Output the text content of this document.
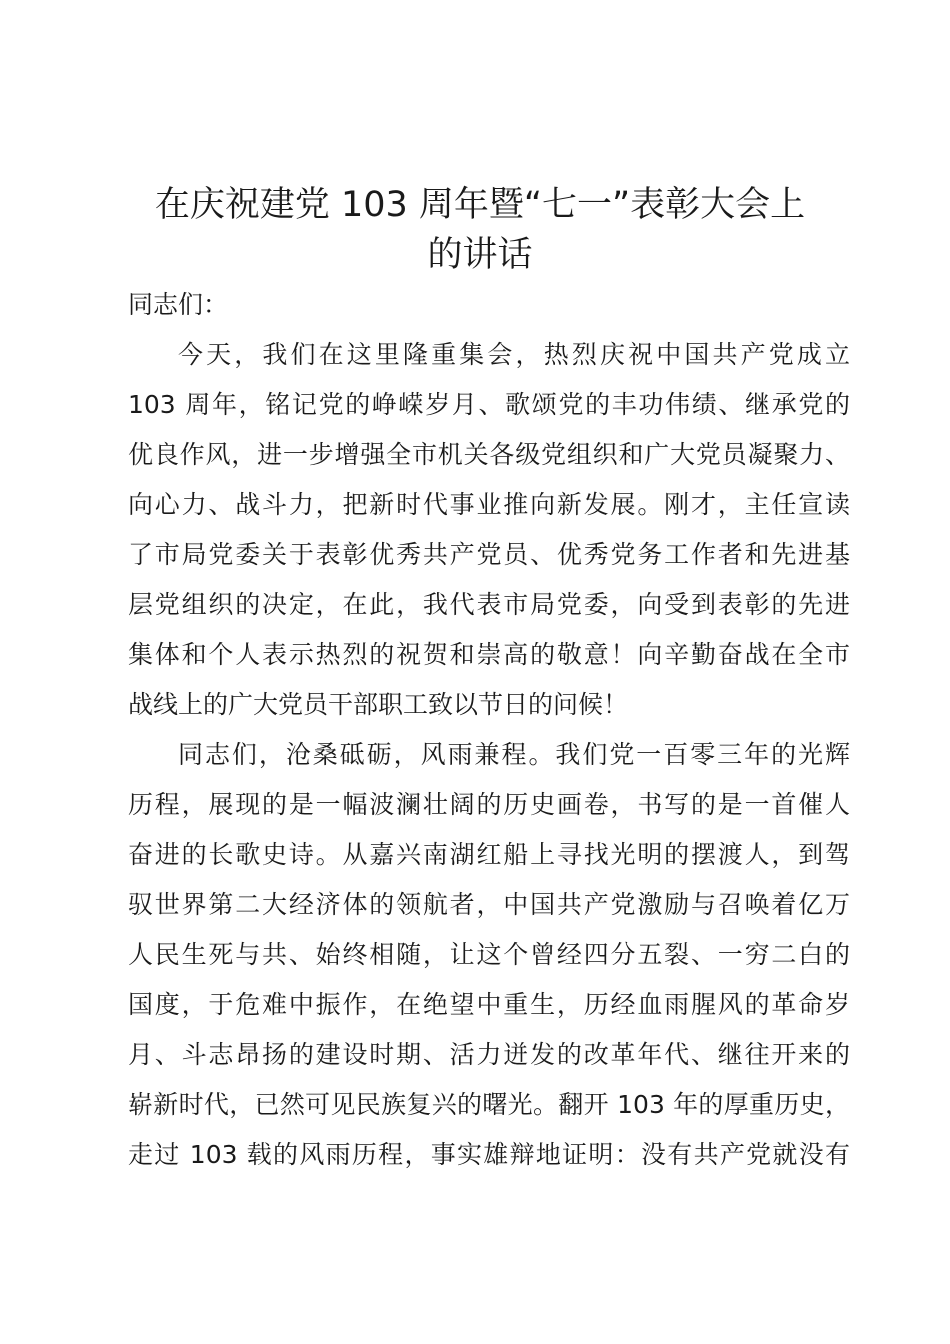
在庆祝建党 103 周年暨“七一”表彰大会上
的讲话

同志们：

今天，我们在这里隆重集会，热烈庆祝中国共产党成立
103 周年，铭记党的峥嵘岁月、歌颂党的丰功伟绩、继承党的
优良作风，进一步增强全市机关各级党组织和广大党员凝聚力、
向心力、战斗力，把新时代事业推向新发展。刚才，主任宣读
了市局党委关于表彰优秀共产党员、优秀党务工作者和先进基
层党组织的决定，在此，我代表市局党委，向受到表彰的先进
集体和个人表示热烈的祝贺和崇高的敬意！向辛勤奋战在全市
战线上的广大党员干部职工致以节日的问候！

同志们，沧桑砥砺，风雨兼程。我们党一百零三年的光辉
历程，展现的是一幅波澜壮阔的历史画卷，书写的是一首催人
奋进的长歌史诗。从嘉兴南湖红船上寻找光明的摆渡人，到驾
驭世界第二大经济体的领航者，中国共产党激励与召唤着亿万
人民生死与共、始终相随，让这个曾经四分五裂、一穷二白的
国度，于危难中振作，在绝望中重生，历经血雨腥风的革命岁
月、斗志昂扬的建设时期、活力迸发的改革年代、继往开来的
崭新时代，已然可见民族复兴的曙光。翻开 103 年的厚重历史，
走过 103 载的风雨历程，事实雄辩地证明：没有共产党就没有
